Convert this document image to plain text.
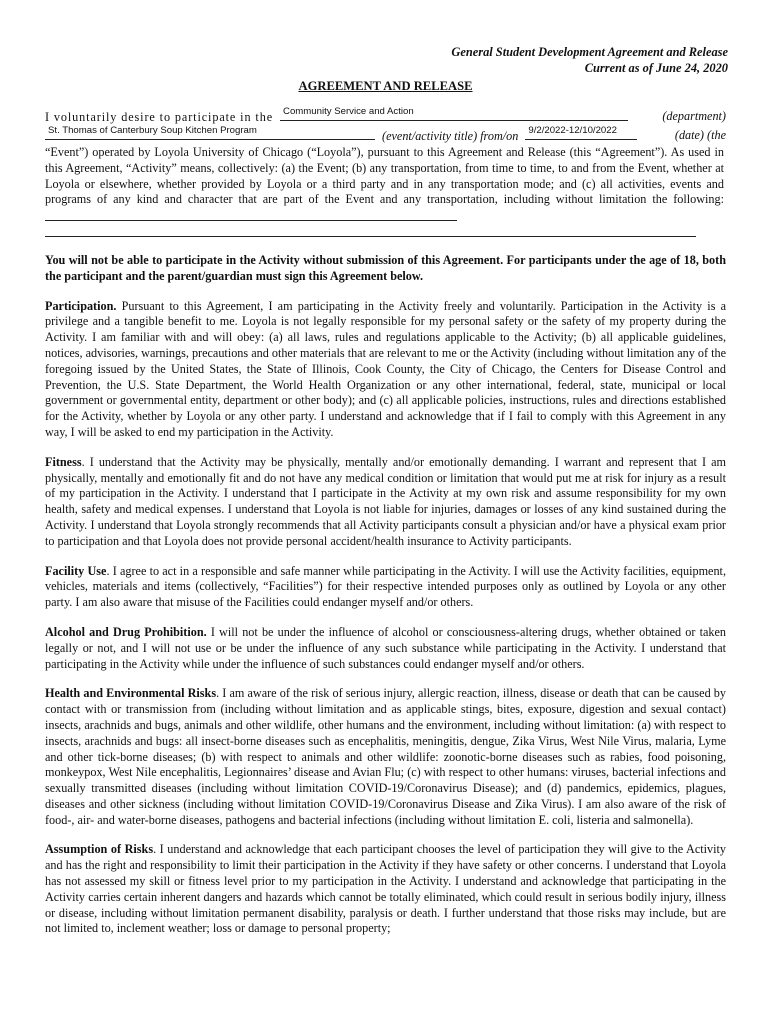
General Student Development Agreement and Release
Current as of June 24, 2020
AGREEMENT AND RELEASE
I voluntarily desire to participate in the Community Service and Action	(department)
St. Thomas of Canterbury Soup Kitchen Program	(event/activity title) from/on 9/2/2022-12/10/2022	(date) (the

“Event”) operated by Loyola University of Chicago (“Loyola”), pursuant to this Agreement and Release (this “Agreement”). As used in this Agreement, “Activity” means, collectively: (a) the Event; (b) any transportation, from time to time, to and from the Event, whether at Loyola or elsewhere, whether provided by Loyola or a third party and in any transportation mode; and (c) all activities, events and programs of any kind and character that are part of the Event and any transportation, including without limitation the following:

You will not be able to participate in the Activity without submission of this Agreement. For participants under the age of 18, both the participant and the parent/guardian must sign this Agreement below.

Participation. Pursuant to this Agreement, I am participating in the Activity freely and voluntarily. Participation in the Activity is a privilege and a tangible benefit to me. Loyola is not legally responsible for my personal safety or the safety of my property during the Activity. I am familiar with and will obey: (a) all laws, rules and regulations applicable to the Activity; (b) all applicable guidelines, notices, advisories, warnings, precautions and other materials that are relevant to me or the Activity (including without limitation any of the foregoing issued by the United States, the State of Illinois, Cook County, the City of Chicago, the Centers for Disease Control and Prevention, the U.S. State Department, the World Health Organization or any other international, federal, state, municipal or local government or governmental entity, department or other body); and (c) all applicable policies, instructions, rules and directions established for the Activity, whether by Loyola or any other party. I understand and acknowledge that if I fail to comply with this Agreement in any way, I will be asked to end my participation in the Activity.

Fitness. I understand that the Activity may be physically, mentally and/or emotionally demanding. I warrant and represent that I am physically, mentally and emotionally fit and do not have any medical condition or limitation that would put me at risk for injury as a result of my participation in the Activity. I understand that I participate in the Activity at my own risk and assume responsibility for my own health, safety and medical expenses. I understand that Loyola is not liable for injuries, damages or losses of any kind sustained during the Activity. I understand that Loyola strongly recommends that all Activity participants consult a physician and/or have a physical exam prior to participation and that Loyola does not provide personal accident/health insurance to Activity participants.

Facility Use. I agree to act in a responsible and safe manner while participating in the Activity. I will use the Activity facilities, equipment, vehicles, materials and items (collectively, “Facilities”) for their respective intended purposes only as outlined by Loyola or any other party. I am also aware that misuse of the Facilities could endanger myself and/or others.

Alcohol and Drug Prohibition. I will not be under the influence of alcohol or consciousness-altering drugs, whether obtained or taken legally or not, and I will not use or be under the influence of any such substance while participating in the Activity. I understand that participating in the Activity while under the influence of such substances could endanger myself and/or others.

Health and Environmental Risks. I am aware of the risk of serious injury, allergic reaction, illness, disease or death that can be caused by contact with or transmission from (including without limitation and as applicable stings, bites, exposure, digestion and sexual contact) insects, arachnids and bugs, animals and other wildlife, other humans and the environment, including without limitation: (a) with respect to insects, arachnids and bugs: all insect-borne diseases such as encephalitis, meningitis, dengue, Zika Virus, West Nile Virus, malaria, Lyme and other tick-borne diseases; (b) with respect to animals and other wildlife: zoonotic-borne diseases such as rabies, food poisoning, monkeypox, West Nile encephalitis, Legionnaires’ disease and Avian Flu; (c) with respect to other humans: viruses, bacterial infections and sexually transmitted diseases (including without limitation COVID-19/Coronavirus Disease); and (d) pandemics, epidemics, plagues, diseases and other sickness (including without limitation COVID-19/Coronavirus Disease and Zika Virus). I am also aware of the risk of food-, air- and water-borne diseases, pathogens and bacterial infections (including without limitation E. coli, listeria and salmonella).

Assumption of Risks. I understand and acknowledge that each participant chooses the level of participation they will give to the Activity and has the right and responsibility to limit their participation in the Activity if they have safety or other concerns. I understand that Loyola has not assessed my skill or fitness level prior to my participation in the Activity. I understand and acknowledge that participating in the Activity carries certain inherent dangers and hazards which cannot be totally eliminated, which could result in serious bodily injury, illness or disease, including without limitation permanent disability, paralysis or death. I further understand that those risks may include, but are not limited to, inclement weather; loss or damage to personal property;
